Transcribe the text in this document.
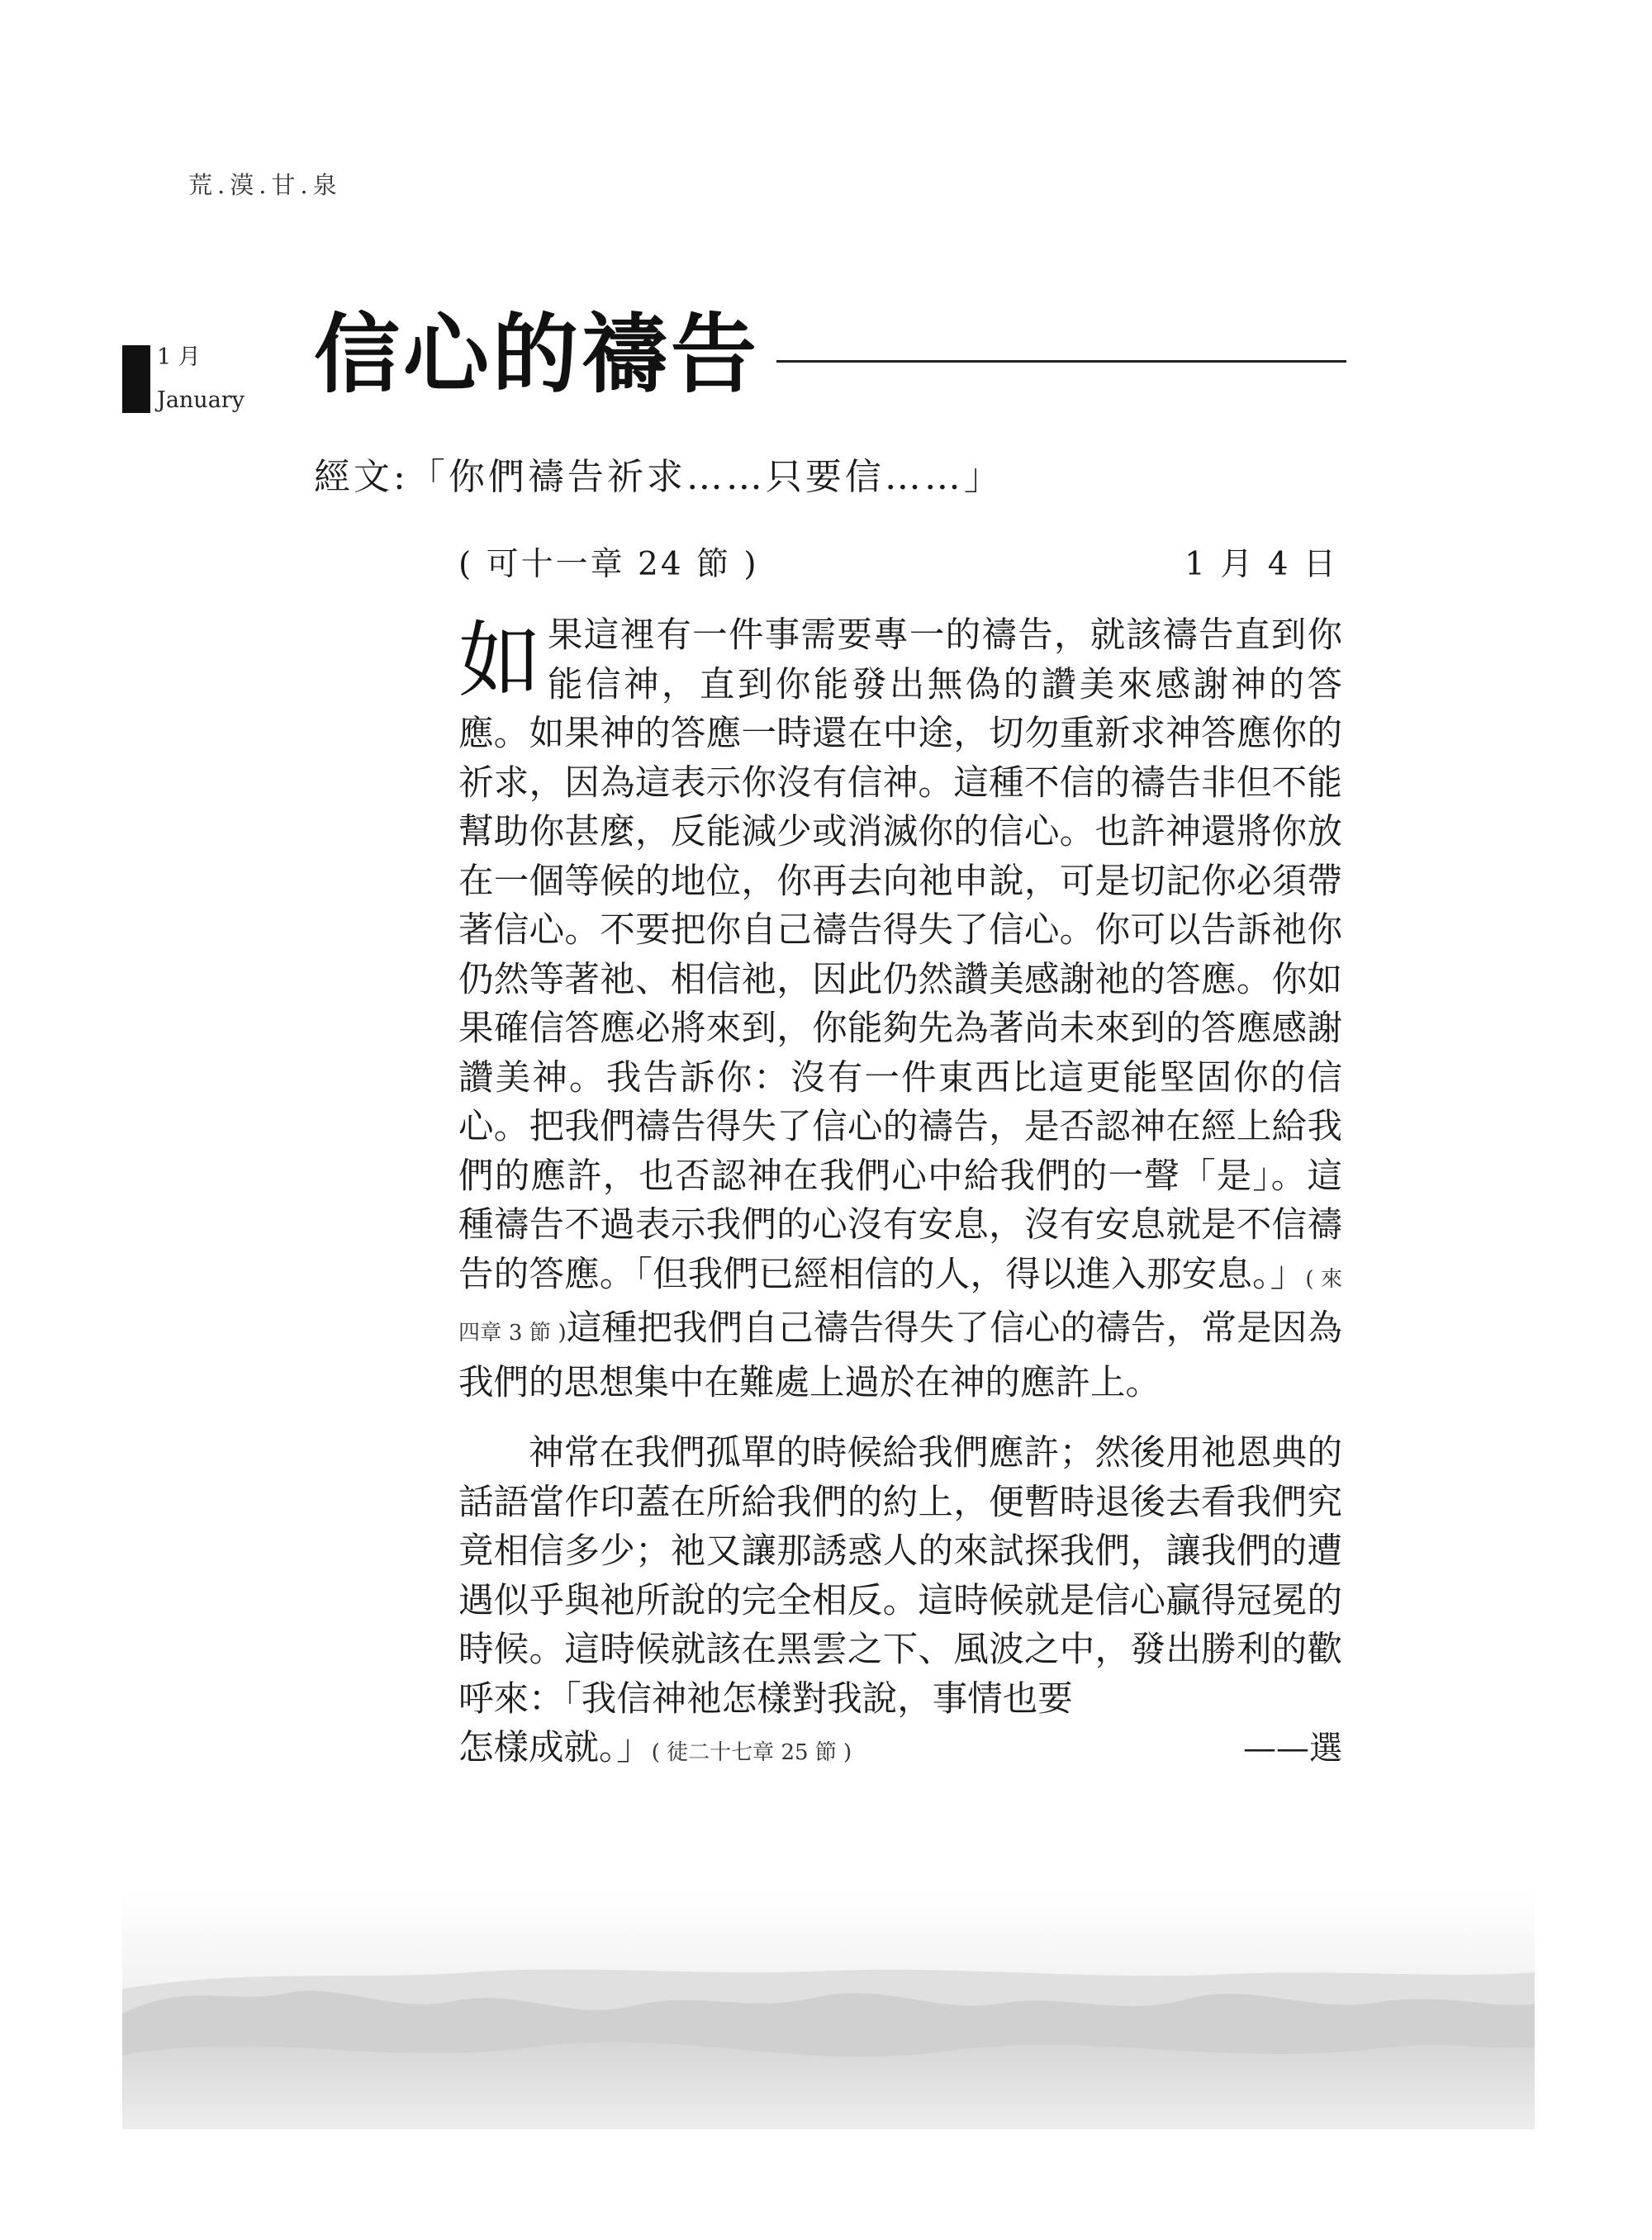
荒.漠.甘.泉
1 月
January 信心的禱告
經文:「你們禱告祈求……只要信……」
( 可十一章 24 節 )	1 月 4 日

如果這裡有一件事需要專一的禱告，就該禱告直到你能信神，直到你能發出無偽的讚美來感謝神的答應。如果神的答應一時還在中途，切勿重新求神答應你的祈求，因為這表示你沒有信神。這種不信的禱告非但不能幫助你甚麼，反能減少或消滅你的信心。也許神還將你放在一個等候的地位，你再去向祂申說，可是切記你必須帶著信心。不要把你自己禱告得失了信心。你可以告訴祂你仍然等著祂、相信祂，因此仍然讚美感謝祂的答應。你如果確信答應必將來到，你能夠先為著尚未來到的答應感謝讚美神。我告訴你：沒有一件東西比這更能堅固你的信心。把我們禱告得失了信心的禱告，是否認神在經上給我們的應許，也否認神在我們心中給我們的一聲「是」。這種禱告不過表示我們的心沒有安息，沒有安息就是不信禱告的答應。「但我們已經相信的人，得以進入那安息。」( 來四章 3 節 )這種把我們自己禱告得失了信心的禱告，常是因為我們的思想集中在難處上過於在神的應許上。

神常在我們孤單的時候給我們應許；然後用祂恩典的話語當作印蓋在所給我們的約上，便暫時退後去看我們究竟相信多少；祂又讓那誘惑人的來試探我們，讓我們的遭遇似乎與祂所說的完全相反。這時候就是信心贏得冠冕的時候。這時候就該在黑雲之下、風波之中，發出勝利的歡呼來：「我信神祂怎樣對我說，事情也要

怎樣成就。」( 徒二十七章 25 節 )	——選
